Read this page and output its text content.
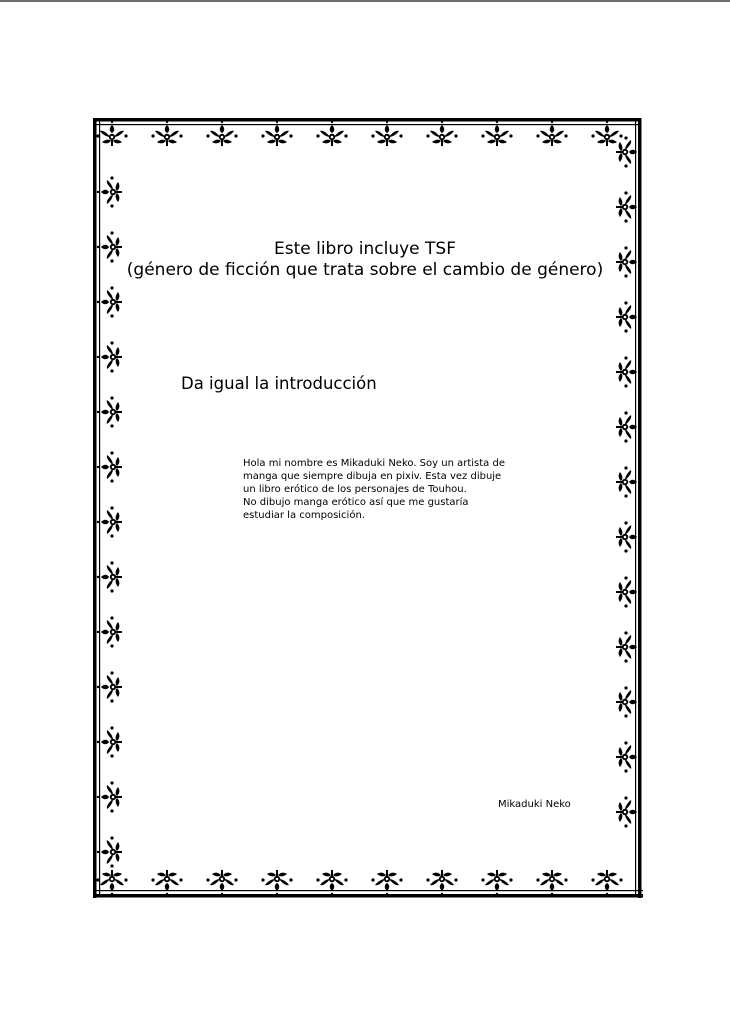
Este libro incluye TSF

(género de ficción que trata sobre el cambio de género)

Da igual la introducción

Hola mi nombre es Mikaduki Neko. Soy un artista de
manga que siempre dibuja en pixiv. Esta vez dibuje
un libro erótico de los personajes de Touhou.
No dibujo manga erótico así que me gustaría
estudiar la composición.

Mikaduki Neko
